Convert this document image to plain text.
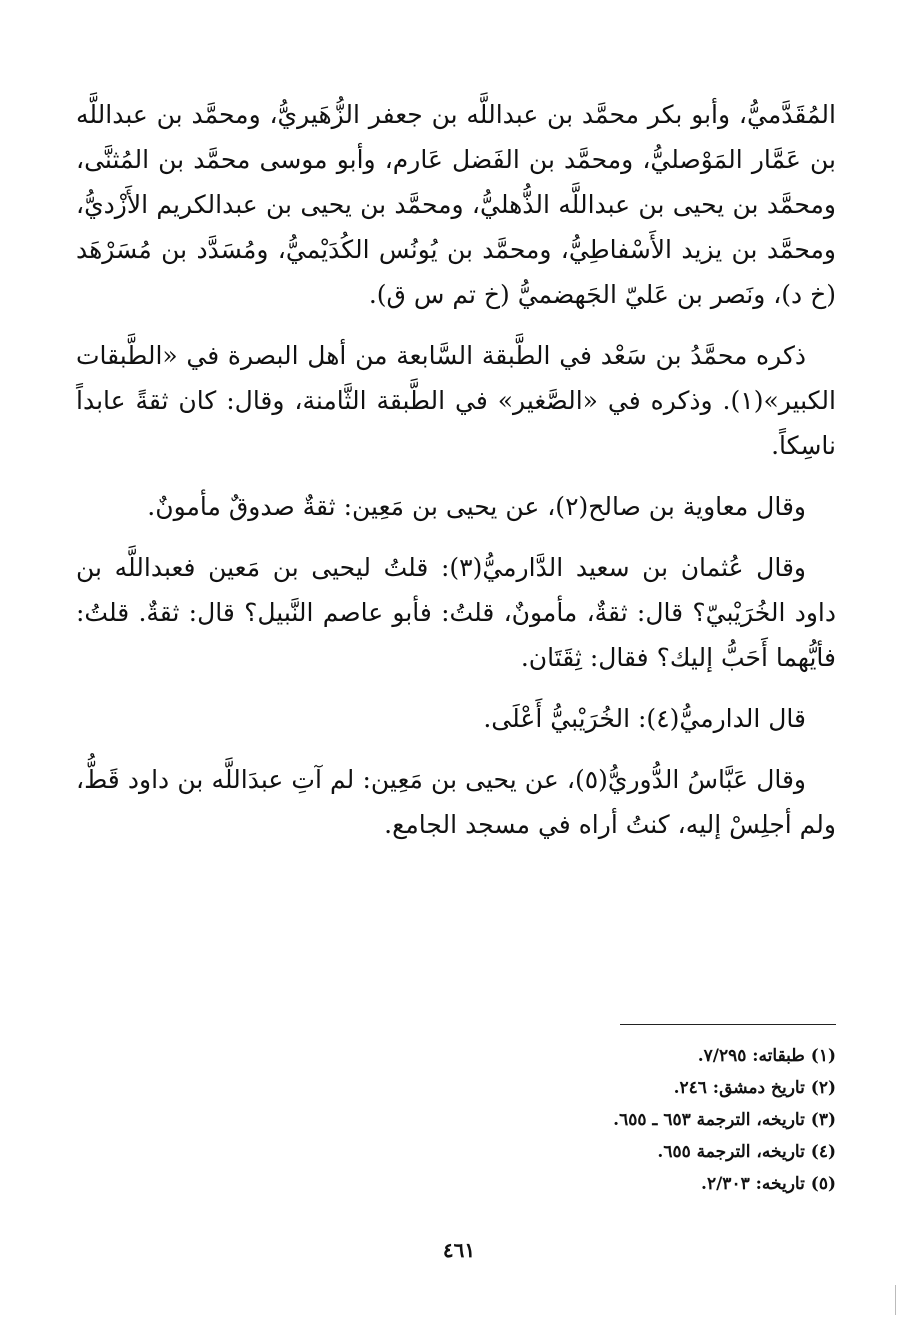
المُقَدَّميُّ، وأبو بكر محمَّد بن عبداللَّه بن جعفر الزُّهَيريُّ، ومحمَّد بن عبداللَّه بن عَمَّار المَوْصليُّ، ومحمَّد بن الفَضل عَارم، وأبو موسى محمَّد بن المُثنَّى، ومحمَّد بن يحيى بن عبداللَّه الذُّهليُّ، ومحمَّد بن يحيى بن عبدالكريم الأَزْديُّ، ومحمَّد بن يزيد الأَسْفاطِيُّ، ومحمَّد بن يُونُس الكُدَيْميُّ، ومُسَدَّد بن مُسَرْهَد (خ د)، ونَصر بن عَليّ الجَهضميُّ (خ تم س ق).

ذكره محمَّدُ بن سَعْد في الطَّبقة السَّابعة من أهل البصرة في «الطَّبقات الكبير»(١). وذكره في «الصَّغير» في الطَّبقة الثَّامنة، وقال: كان ثقةً عابداً ناسِكاً.

وقال معاوية بن صالح(٢)، عن يحيى بن مَعِين: ثقةٌ صدوقٌ مأمونٌ.

وقال عُثمان بن سعيد الدَّارميُّ(٣): قلتُ ليحيى بن مَعين فعبداللَّه بن داود الخُرَيْبيّ؟ قال: ثقةٌ، مأمونٌ، قلتُ: فأبو عاصم النَّبيل؟ قال: ثقةٌ. قلتُ: فأيُّهما أَحَبُّ إليك؟ فقال: ثِقَتَان.

قال الدارميُّ(٤): الخُرَيْبيُّ أَعْلَى.

وقال عَبَّاسُ الدُّوريُّ(٥)، عن يحيى بن مَعِين: لم آتِ عبدَاللَّه بن داود قَطُّ، ولم أجلِسْ إليه، كنتُ أراه في مسجد الجامع.

(١) طبقاته: ٧/٢٩٥.
(٢) تاريخ دمشق: ٢٤٦.
(٣) تاريخه، الترجمة ٦٥٣ ـ ٦٥٥.
(٤) تاريخه، الترجمة ٦٥٥.
(٥) تاريخه: ٢/٣٠٣.
٤٦١
